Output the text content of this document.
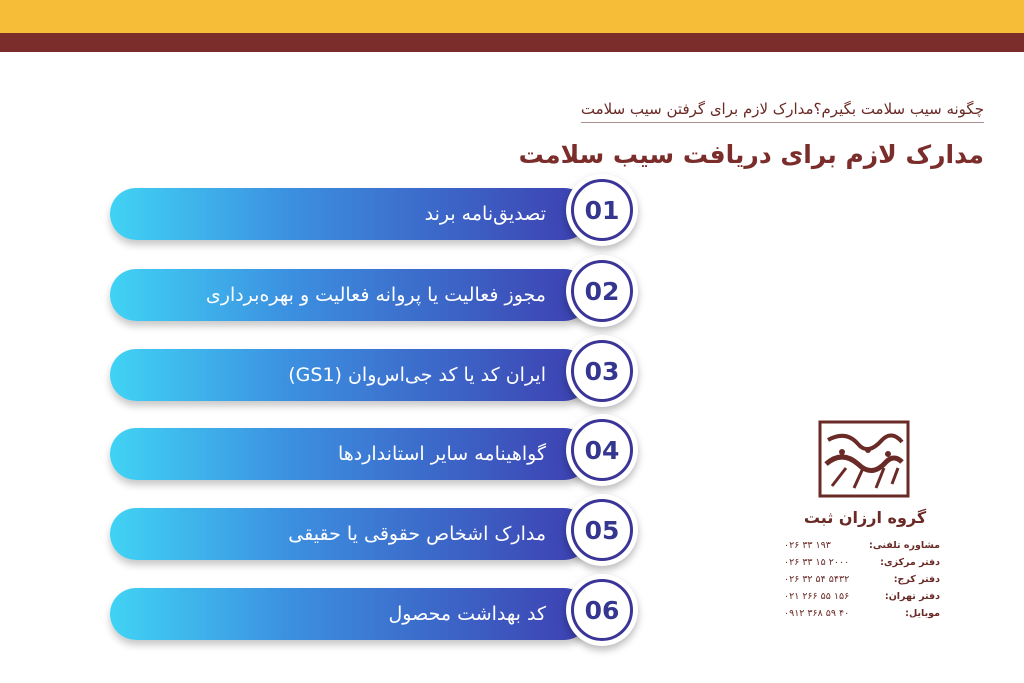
چگونه سیب سلامت بگیرم؟مدارک لازم برای گرفتن سیب سلامت
مدارک لازم برای دریافت سیب سلامت
تصدیق‌نامه برند	01
مجوز فعالیت یا پروانه فعالیت و بهره‌برداری	02
ایران کد یا کد جی‌اس‌وان (GS1)	03
گواهینامه سایر استانداردها	04
مدارک اشخاص حقوقی یا حقیقی	05
کد بهداشت محصول	06
گروه ارزان ثبت
مشاوره تلفنی:
۰۲۶ ۳۳ ۱۹۳
دفتر مرکزی:
۰۲۶ ۳۳ ۱۵ ۲۰۰۰
دفتر کرج:
۰۲۶ ۳۲ ۵۴ ۵۴۳۲
دفتر تهران:
۰۲۱ ۲۶۶ ۵۵ ۱۵۶
موبایل:
۰۹۱۲ ۳۶۸ ۵۹ ۴۰
